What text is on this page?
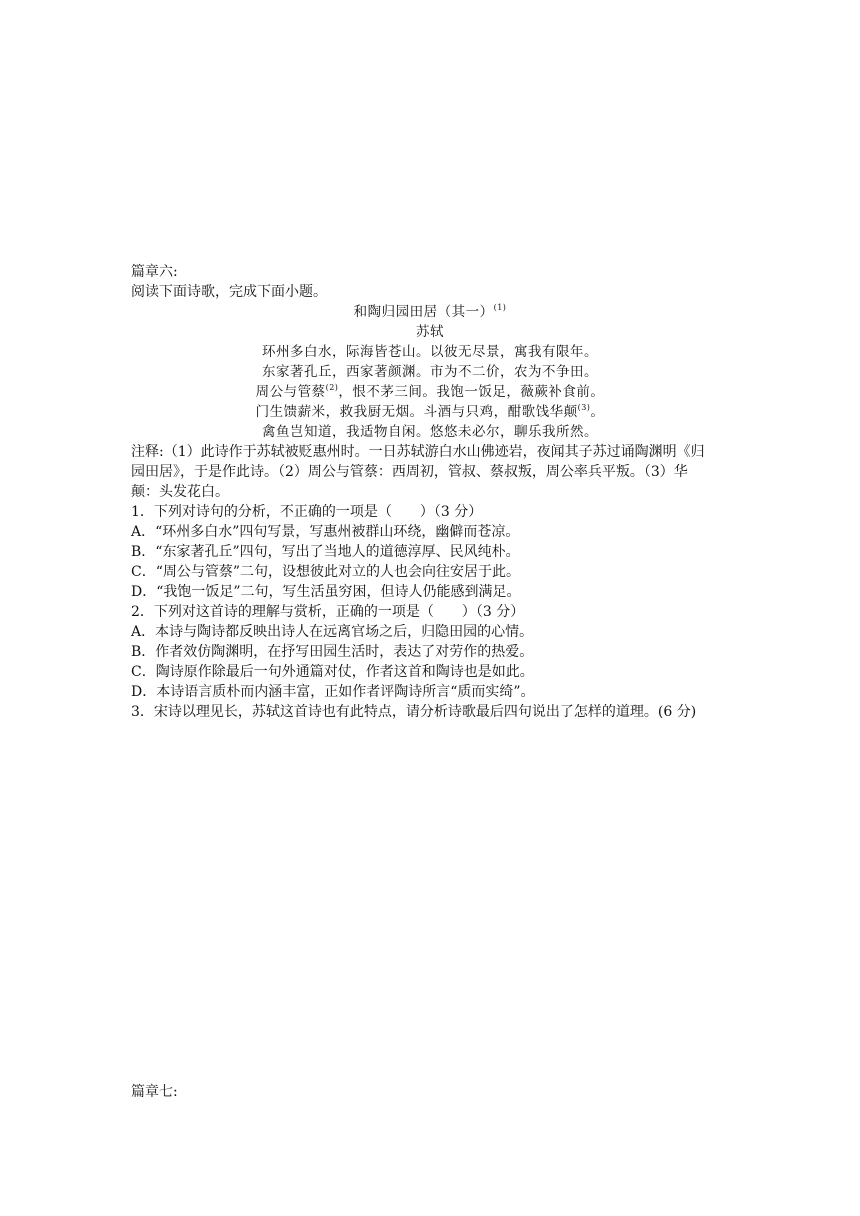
篇章六:
阅读下面诗歌，完成下面小题。
和陶归园田居（其一）$^{(1)}$
苏轼
环州多白水，际海皆苍山。以彼无尽景，寓我有限年。
东家著孔丘，西家著颜渊。市为不二价，农为不争田。
周公与管蔡$^{(2)}$，恨不茅三间。我饱一饭足，薇蕨补食前。
门生馈薪米，救我厨无烟。斗酒与只鸡，酣歌饯华颠$^{(3)}$。
禽鱼岂知道，我适物自闲。悠悠未必尔，聊乐我所然。
注释:（1）此诗作于苏轼被贬惠州时。一日苏轼游白水山佛迹岩，夜闻其子苏过诵陶渊明《归
园田居》，于是作此诗。（2）周公与管蔡：西周初，管叔、蔡叔叛，周公率兵平叛。（3）华
颠：头发花白。
1．下列对诗句的分析，不正确的一项是（　　）（3 分）
A．“环州多白水”四句写景，写惠州被群山环绕，幽僻而苍凉。
B．“东家著孔丘”四句，写出了当地人的道德淳厚、民风纯朴。
C．“周公与管蔡”二句，设想彼此对立的人也会向往安居于此。
D．“我饱一饭足”二句，写生活虽穷困，但诗人仍能感到满足。
2．下列对这首诗的理解与赏析，正确的一项是（　　）（3 分）
A．本诗与陶诗都反映出诗人在远离官场之后，归隐田园的心情。
B．作者效仿陶渊明，在抒写田园生活时，表达了对劳作的热爱。
C．陶诗原作除最后一句外通篇对仗，作者这首和陶诗也是如此。
D．本诗语言质朴而内涵丰富，正如作者评陶诗所言“质而实绮”。
3．宋诗以理见长，苏轼这首诗也有此特点，请分析诗歌最后四句说出了怎样的道理。(6 分)
篇章七:
